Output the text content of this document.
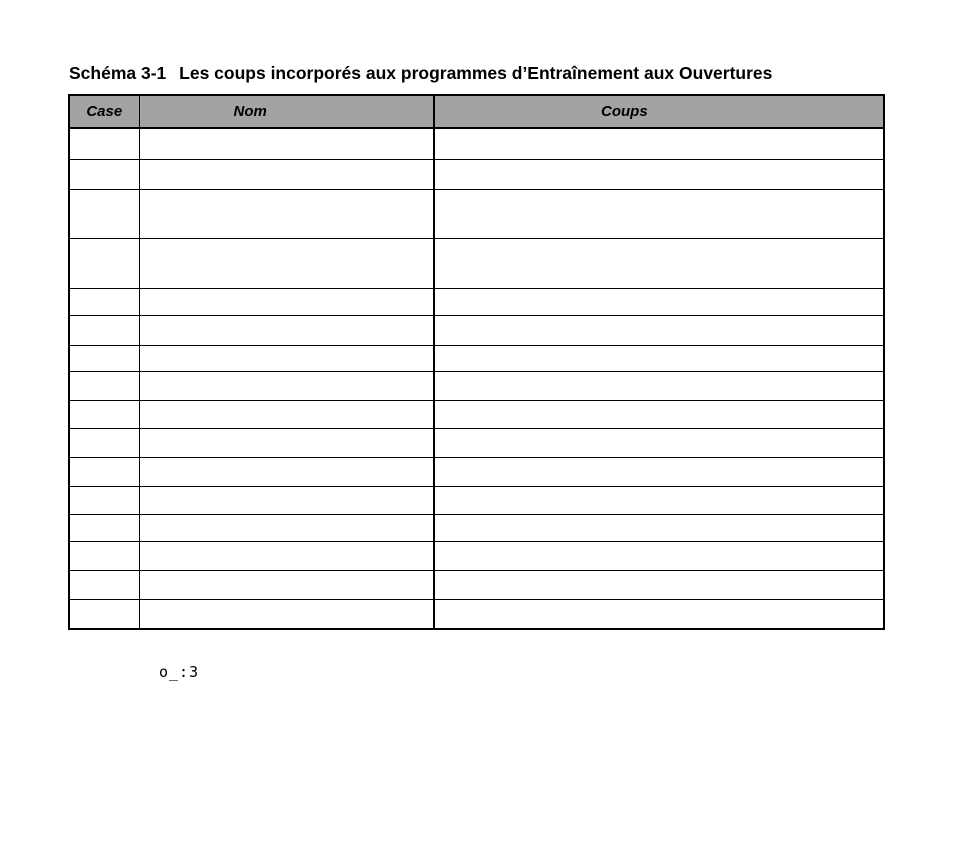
Schéma 3-1 Les coups incorporés aux programmes d’Entraînement aux Ouvertures
Case	Nom	Coups

o_:3
